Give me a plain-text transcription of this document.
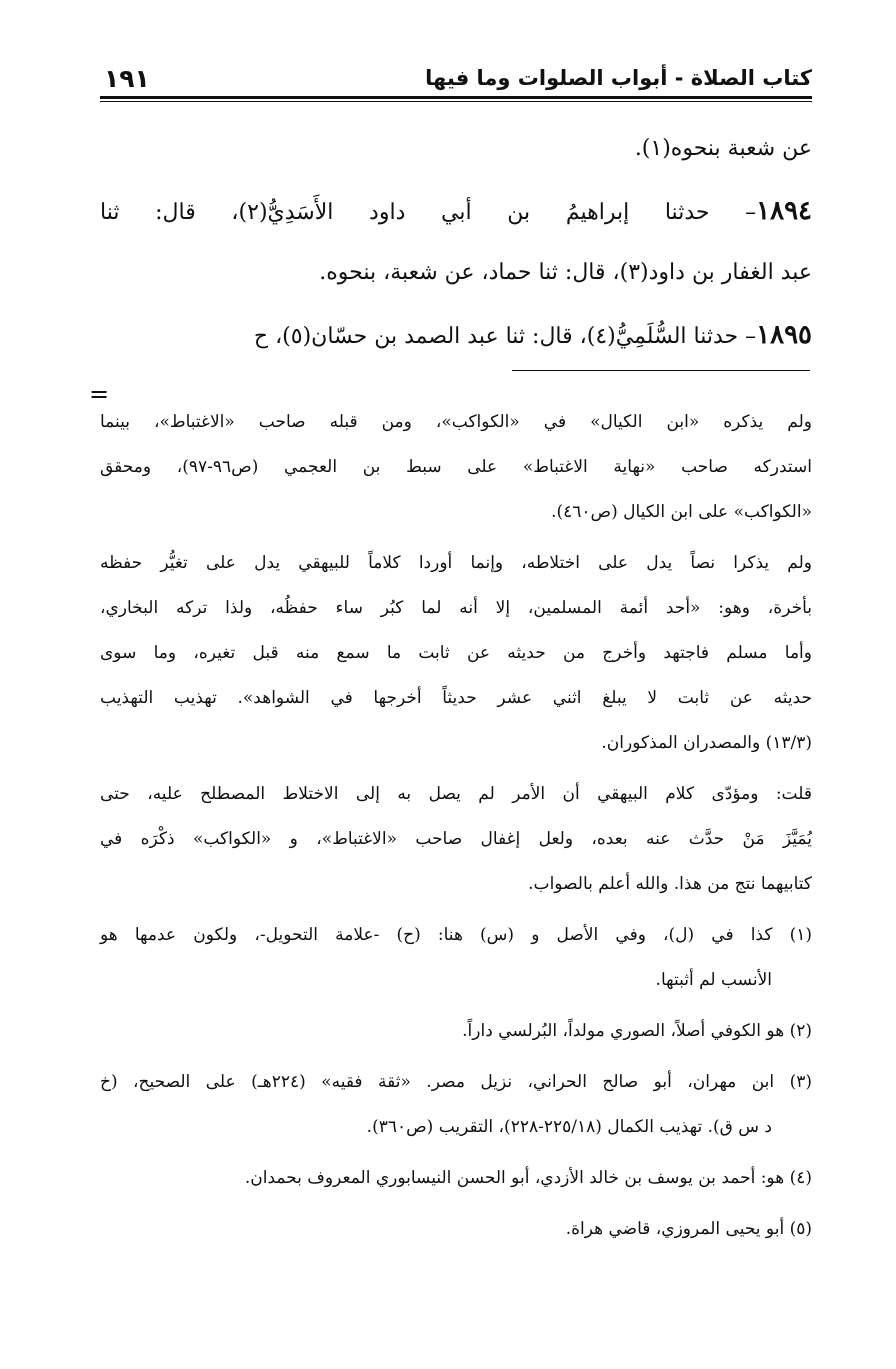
كتاب الصلاة - أبواب الصلوات وما فيها
١٩١
عن شعبة بنحوه(١).
١٨٩٤– حدثنا إبراهيمُ بن أبي داود الأَسَدِيُّ(٢)، قال: ثنا
عبد الغفار بن داود(٣)، قال: ثنا حماد، عن شعبة، بنحوه.
١٨٩٥– حدثنا السُّلَمِيُّ(٤)، قال: ثنا عبد الصمد بن حسّان(٥)، ح
=
ولم يذكره «ابن الكيال» في «الكواكب»، ومن قبله صاحب «الاغتباط»، بينما
استدركه صاحب «نهاية الاغتباط» على سبط بن العجمي (ص٩٦-٩٧)، ومحقق
«الكواكب» على ابن الكيال (ص٤٦٠).
ولم يذكرا نصاً يدل على اختلاطه، وإنما أوردا كلاماً للبيهقي يدل على تغيُّر حفظه
بأخرة، وهو: «أحد أئمة المسلمين، إلا أنه لما كبُر ساء حفظُه، ولذا تركه البخاري،
وأما مسلم فاجتهد وأخرج من حديثه عن ثابت ما سمع منه قبل تغيره، وما سوى
حديثه عن ثابت لا يبلغ اثني عشر حديثاً أخرجها في الشواهد». تهذيب التهذيب
(١٣/٣) والمصدران المذكوران.
قلت: ومؤدّى كلام البيهقي أن الأمر لم يصل به إلى الاختلاط المصطلح عليه، حتى
يُمَيَّزَ مَنْ حدَّث عنه بعده، ولعل إغفال صاحب «الاغتباط»، و «الكواكب» ذكْرَه في
كتابيهما نتج من هذا. والله أعلم بالصواب.
(١) كذا في (ل)، وفي الأصل و (س) هنا: (ح) -علامة التحويل-، ولكون عدمها هو
الأنسب لم أثبتها.
(٢) هو الكوفي أصلاً، الصوري مولداً، البُرلسي داراً.
(٣) ابن مهران، أبو صالح الحراني، نزيل مصر. «ثقة فقيه» (٢٢٤هـ) على الصحيح، (خ
د س ق). تهذيب الكمال (٢٢٥/١٨-٢٢٨)، التقريب (ص٣٦٠).
(٤) هو: أحمد بن يوسف بن خالد الأزدي، أبو الحسن النيسابوري المعروف بحمدان.
(٥) أبو يحيى المروزي، قاضي هراة.
